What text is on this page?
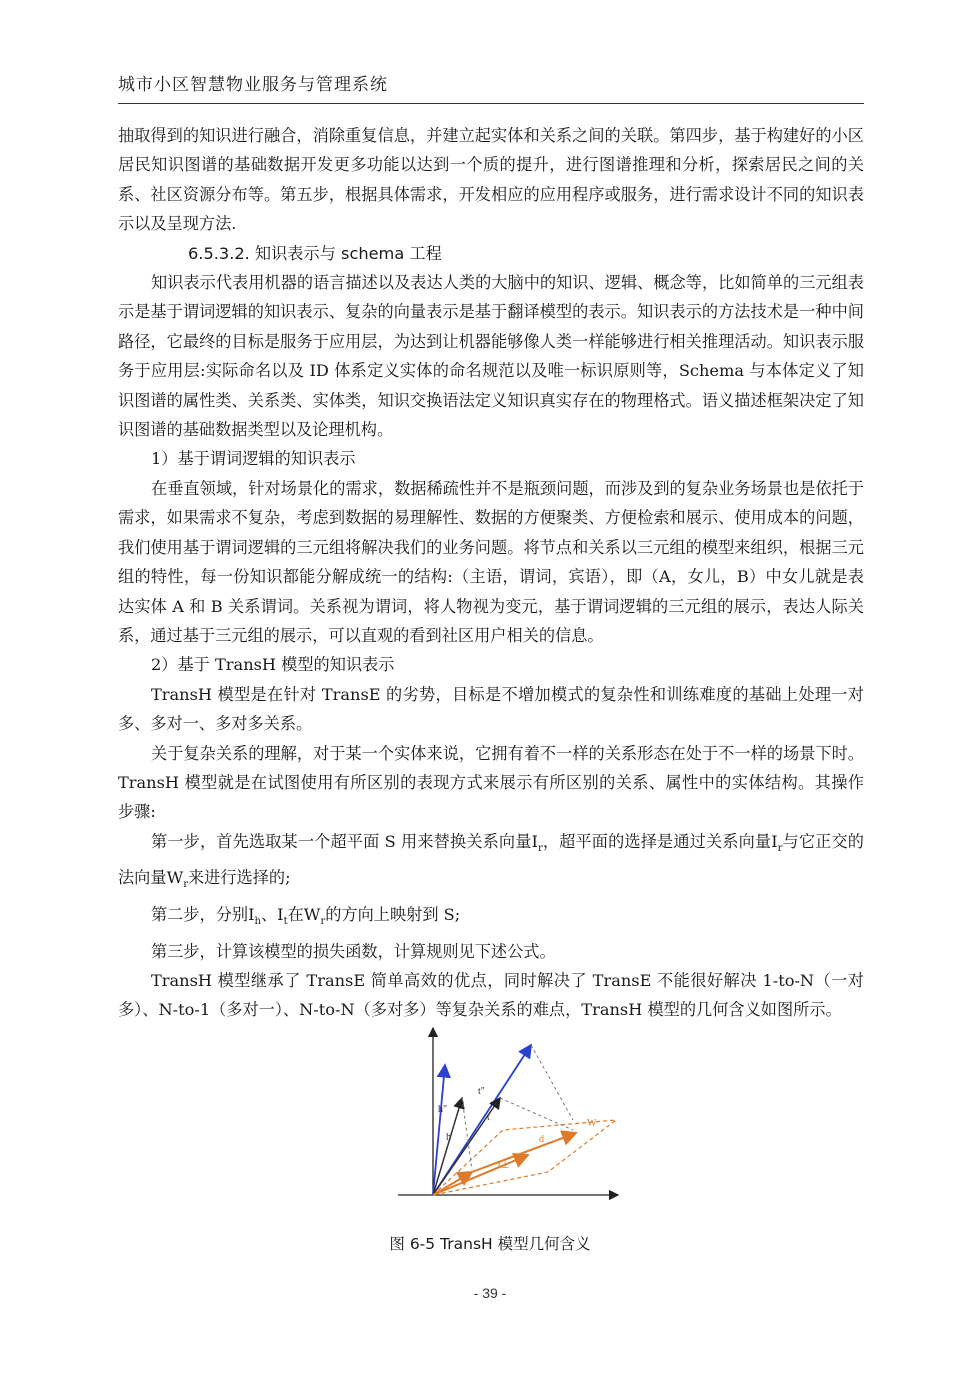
城市小区智慧物业服务与管理系统

抽取得到的知识进行融合，消除重复信息，并建立起实体和关系之间的关联。第四步，基于构建好的小区居民知识图谱的基础数据开发更多功能以达到一个质的提升，进行图谱推理和分析，探索居民之间的关系、社区资源分布等。第五步，根据具体需求，开发相应的应用程序或服务，进行需求设计不同的知识表示以及呈现方法.

6.5.3.2. 知识表示与 schema 工程

知识表示代表用机器的语言描述以及表达人类的大脑中的知识、逻辑、概念等，比如简单的三元组表示是基于谓词逻辑的知识表示、复杂的向量表示是基于翻译模型的表示。知识表示的方法技术是一种中间路径，它最终的目标是服务于应用层，为达到让机器能够像人类一样能够进行相关推理活动。知识表示服务于应用层:实际命名以及 ID 体系定义实体的命名规范以及唯一标识原则等，Schema 与本体定义了知识图谱的属性类、关系类、实体类，知识交换语法定义知识真实存在的物理格式。语义描述框架决定了知识图谱的基础数据类型以及论理机构。

1）基于谓词逻辑的知识表示

在垂直领域，针对场景化的需求，数据稀疏性并不是瓶颈问题，而涉及到的复杂业务场景也是依托于需求，如果需求不复杂，考虑到数据的易理解性、数据的方便聚类、方便检索和展示、使用成本的问题，我们使用基于谓词逻辑的三元组将解决我们的业务问题。将节点和关系以三元组的模型来组织，根据三元组的特性，每一份知识都能分解成统一的结构:（主语，谓词，宾语），即（A，女儿，B）中女儿就是表达实体 A 和 B 关系谓词。关系视为谓词，将人物视为变元，基于谓词逻辑的三元组的展示，表达人际关系，通过基于三元组的展示，可以直观的看到社区用户相关的信息。

2）基于 TransH 模型的知识表示

TransH 模型是在针对 TransE 的劣势，目标是不增加模式的复杂性和训练难度的基础上处理一对多、多对一、多对多关系。

关于复杂关系的理解，对于某一个实体来说，它拥有着不一样的关系形态在处于不一样的场景下时。TransH 模型就是在试图使用有所区别的表现方式来展示有所区别的关系、属性中的实体结构。其操作步骤:

第一步，首先选取某一个超平面 S 用来替换关系向量$I_r$，超平面的选择是通过关系向量$I_r$与它正交的法向量$W_r$来进行选择的;

第二步，分别$I_h$、$I_t$在$W_r$的方向上映射到 S;

第三步，计算该模型的损失函数，计算规则见下述公式。

TransH 模型继承了 TransE 简单高效的优点，同时解决了 TransE 不能很好解决 1-to-N（一对多）、N-to-1（多对一）、N-to-N（多对多）等复杂关系的难点，TransH 模型的几何含义如图所示。

h"
h
t"
t
W
d
t⊥
h⊥
图 6-5 TransH 模型几何含义
- 39 -
